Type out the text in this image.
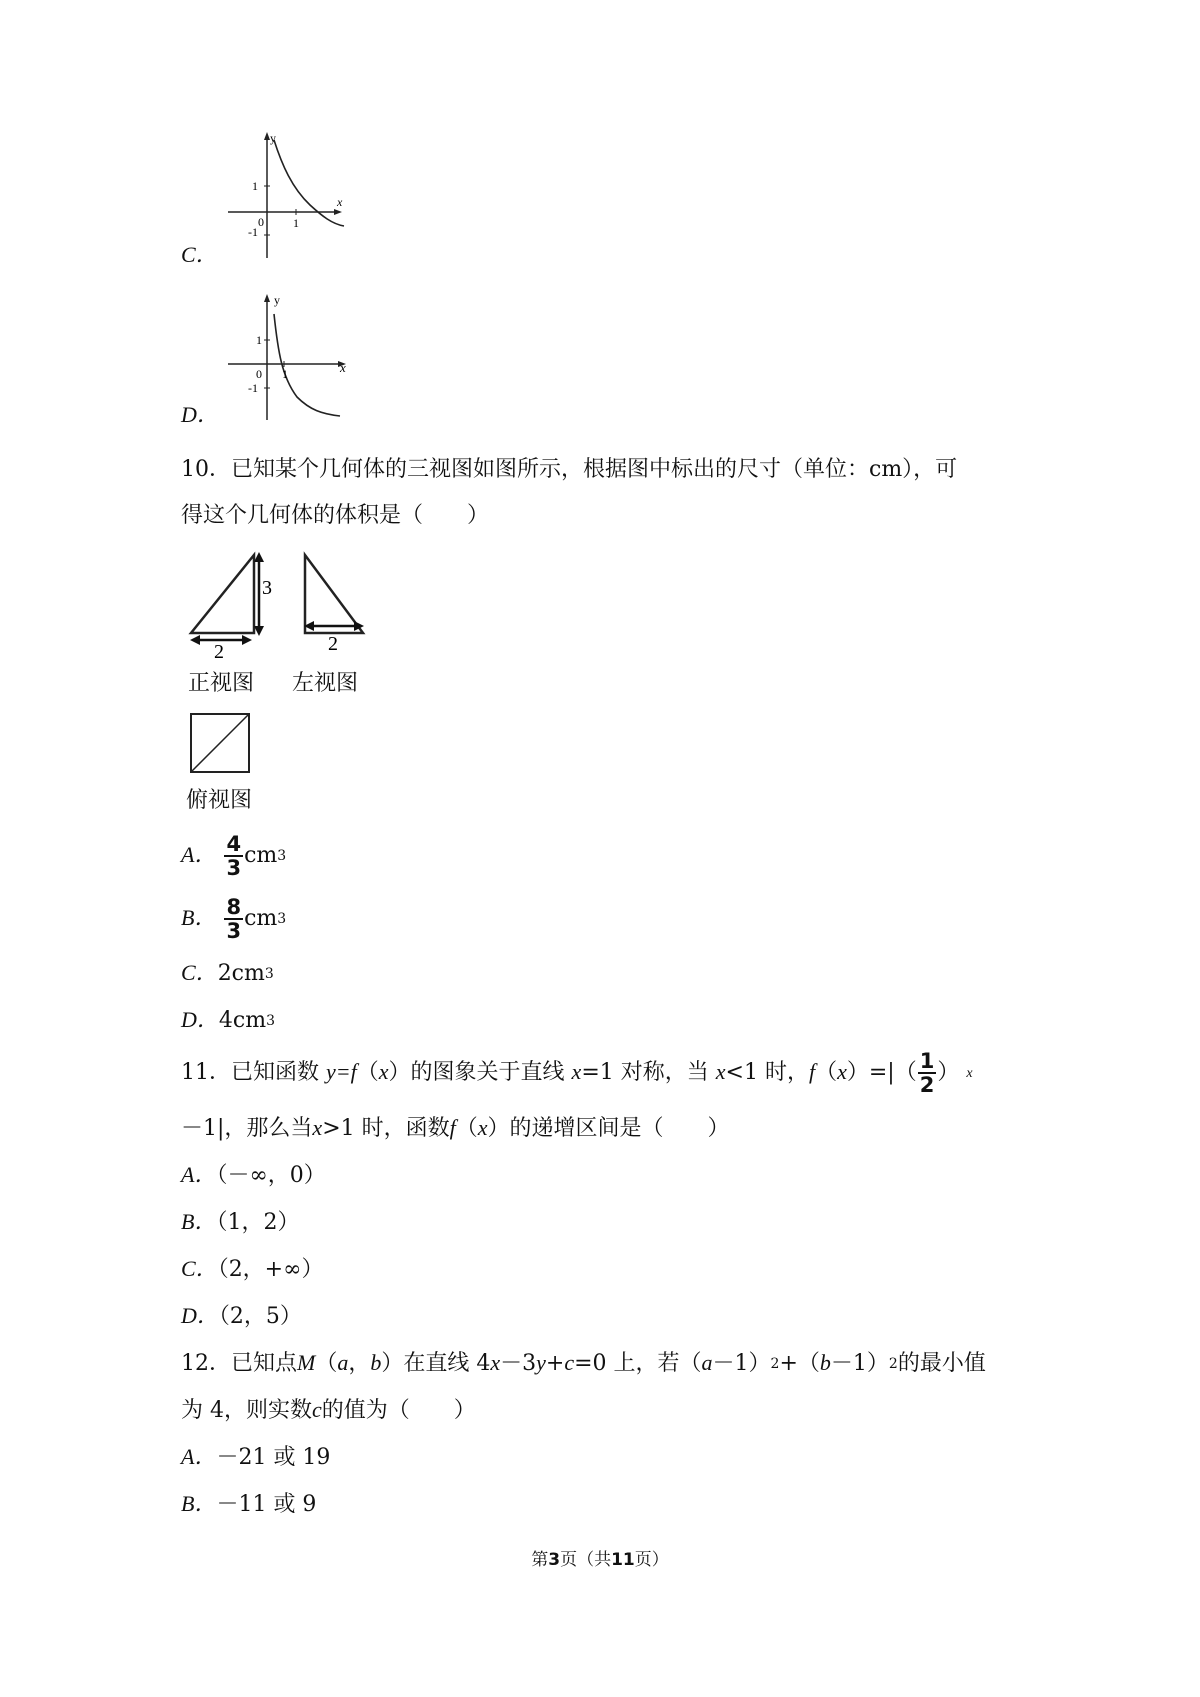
C．
y
x
1
-1
0 1
D．
y
x
1
-1
0 1
10．已知某个几何体的三视图如图所示，根据图中标出的尺寸（单位：cm），可
得这个几何体的体积是（　　）
3
2
正视图
2
左视图
俯视图
A． $\frac{4}{3} cm3$
B． $\frac{8}{3} cm3$
C．2cm3
D．4cm3
11．已知函数 y=f（x）的图象关于直线 x=1 对称，当 x<1 时，$f(x)=|( \frac{1}{2}$ ） x
－1|，那么当x>1 时，函数f（x）的递增区间是（　　）
A．（－∞，0）
B．（1，2）
C．（2，+∞）
D．（2，5）
12．已知点M（a，b）在直线 4x－3y+c=0 上，若（a－1）2+（b－1）2的最小值
为 4，则实数c的值为（　　）
A．－21 或 19
B．－11 或 9
第3页（共11页）
